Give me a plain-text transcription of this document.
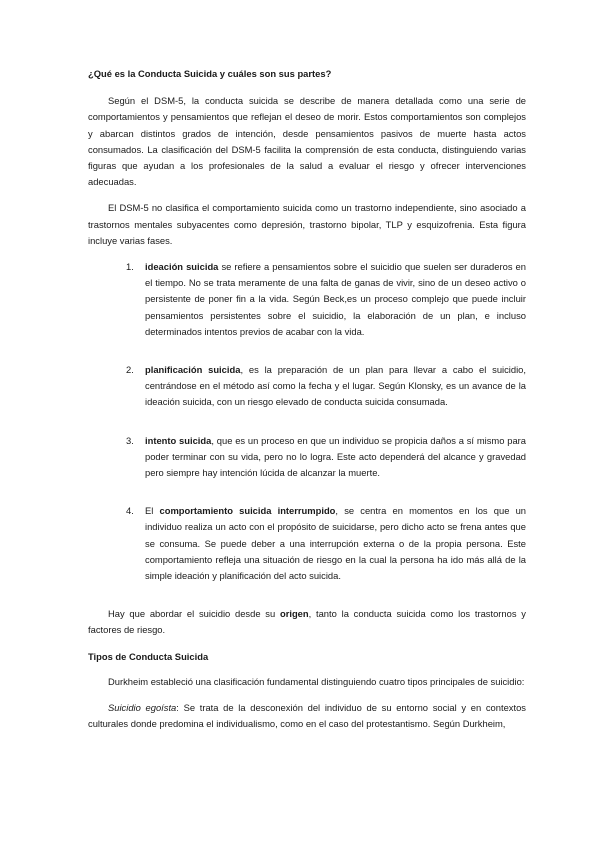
¿Qué es la Conducta Suicida y cuáles son sus partes?

Según el DSM-5, la conducta suicida se describe de manera detallada como una serie de comportamientos y pensamientos que reflejan el deseo de morir. Estos comportamientos son complejos y abarcan distintos grados de intención, desde pensamientos pasivos de muerte hasta actos consumados. La clasificación del DSM-5 facilita la comprensión de esta conducta, distinguiendo varias figuras que ayudan a los profesionales de la salud a evaluar el riesgo y ofrecer intervenciones adecuadas.

El DSM-5 no clasifica el comportamiento suicida como un trastorno independiente, sino asociado a trastornos mentales subyacentes como depresión, trastorno bipolar, TLP y esquizofrenia. Esta figura incluye varias fases.

1. ideación suicida se refiere a pensamientos sobre el suicidio que suelen ser duraderos en el tiempo. No se trata meramente de una falta de ganas de vivir, sino de un deseo activo o persistente de poner fin a la vida. Según Beck,es un proceso complejo que puede incluir pensamientos persistentes sobre el suicidio, la elaboración de un plan, e incluso determinados intentos previos de acabar con la vida.
2. planificación suicida, es la preparación de un plan para llevar a cabo el suicidio, centrándose en el método así como la fecha y el lugar. Según Klonsky, es un avance de la ideación suicida, con un riesgo elevado de conducta suicida consumada.
3. intento suicida, que es un proceso en que un individuo se propicia daños a sí mismo para poder terminar con su vida, pero no lo logra. Este acto dependerá del alcance y gravedad pero siempre hay intención lúcida de alcanzar la muerte.
4. El comportamiento suicida interrumpido, se centra en momentos en los que un individuo realiza un acto con el propósito de suicidarse, pero dicho acto se frena antes que se consuma. Se puede deber a una interrupción externa o de la propia persona. Este comportamiento refleja una situación de riesgo en la cual la persona ha ido más allá de la simple ideación y planificación del acto suicida.

Hay que abordar el suicidio desde su origen, tanto la conducta suicida como los trastornos y factores de riesgo.

Tipos de Conducta Suicida

Durkheim estableció una clasificación fundamental distinguiendo cuatro tipos principales de suicidio:

Suicidio egoísta: Se trata de la desconexión del individuo de su entorno social y en contextos culturales donde predomina el individualismo, como en el caso del protestantismo. Según Durkheim,
